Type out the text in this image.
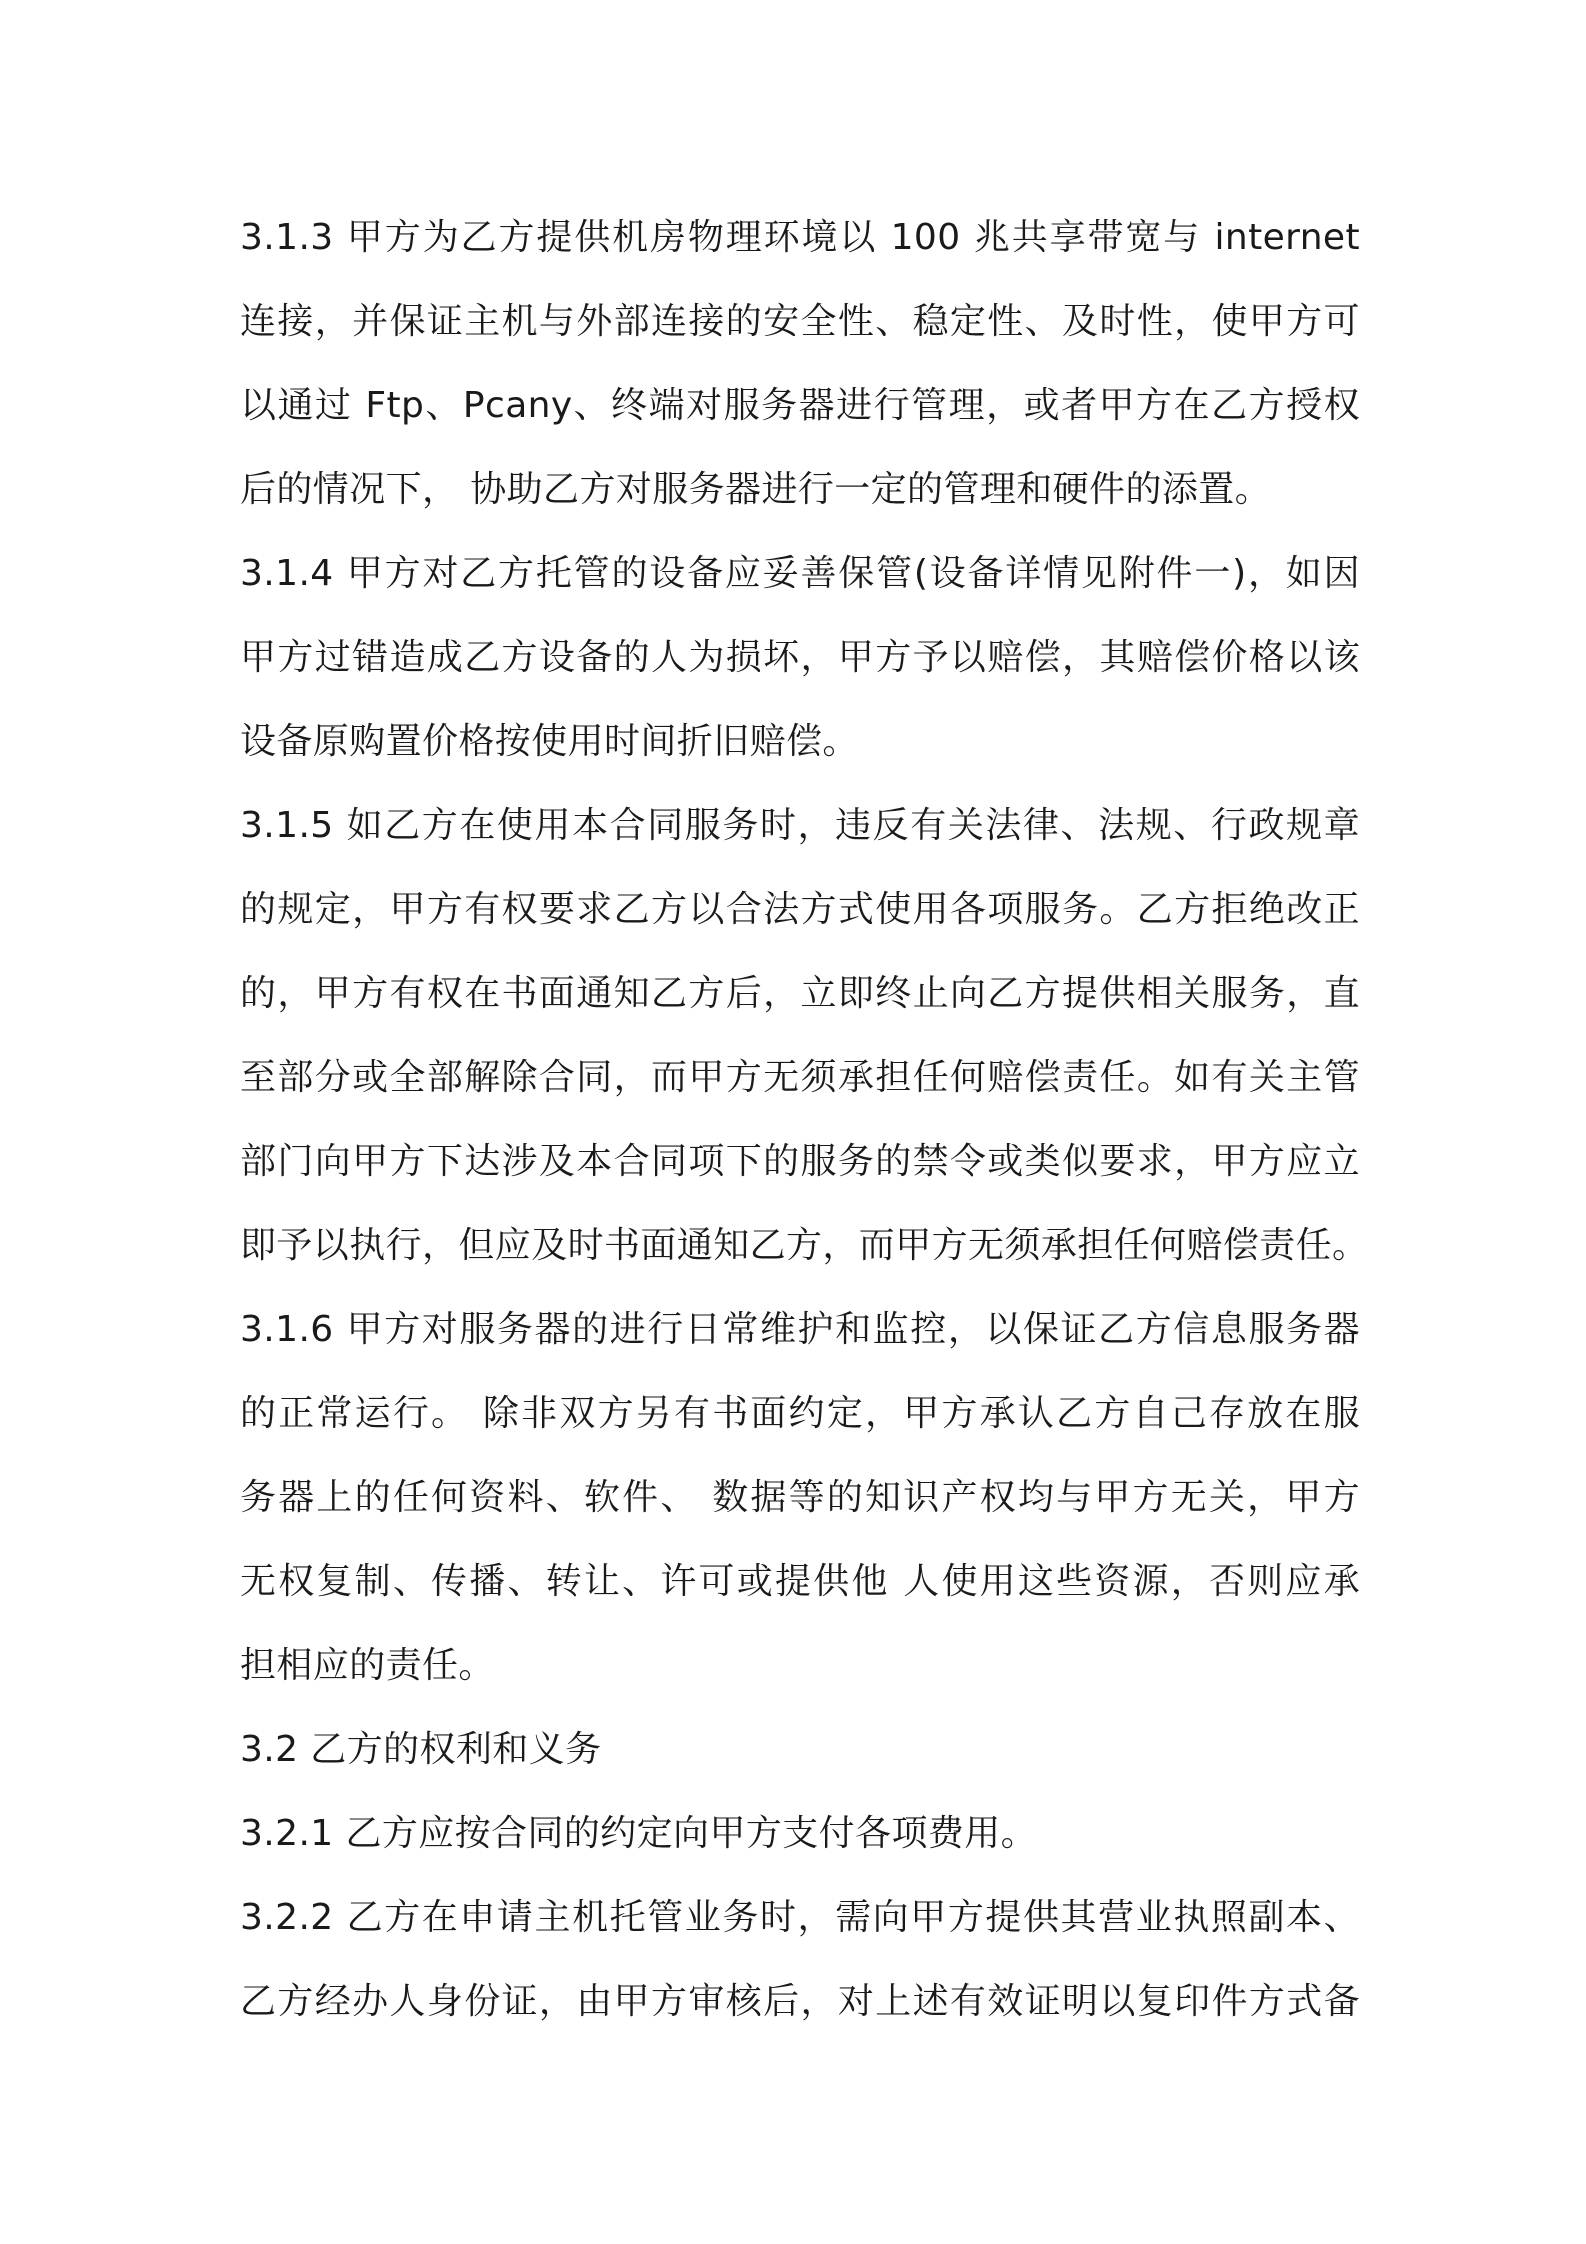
3.1.3 甲方为乙方提供机房物理环境以 100 兆共享带宽与 internet
连接，并保证主机与外部连接的安全性、稳定性、及时性，使甲方可
以通过 Ftp、Pcany、终端对服务器进行管理，或者甲方在乙方授权
后的情况下， 协助乙方对服务器进行一定的管理和硬件的添置。
3.1.4 甲方对乙方托管的设备应妥善保管(设备详情见附件一)，如因
甲方过错造成乙方设备的人为损坏，甲方予以赔偿，其赔偿价格以该
设备原购置价格按使用时间折旧赔偿。
3.1.5 如乙方在使用本合同服务时，违反有关法律、法规、行政规章
的规定，甲方有权要求乙方以合法方式使用各项服务。乙方拒绝改正
的，甲方有权在书面通知乙方后，立即终止向乙方提供相关服务，直
至部分或全部解除合同，而甲方无须承担任何赔偿责任。如有关主管
部门向甲方下达涉及本合同项下的服务的禁令或类似要求，甲方应立
即予以执行，但应及时书面通知乙方，而甲方无须承担任何赔偿责任。
3.1.6 甲方对服务器的进行日常维护和监控，以保证乙方信息服务器
的正常运行。 除非双方另有书面约定，甲方承认乙方自己存放在服
务器上的任何资料、软件、 数据等的知识产权均与甲方无关，甲方
无权复制、传播、转让、许可或提供他 人使用这些资源，否则应承
担相应的责任。
3.2 乙方的权利和义务
3.2.1 乙方应按合同的约定向甲方支付各项费用。
3.2.2 乙方在申请主机托管业务时，需向甲方提供其营业执照副本、
乙方经办人身份证，由甲方审核后，对上述有效证明以复印件方式备
